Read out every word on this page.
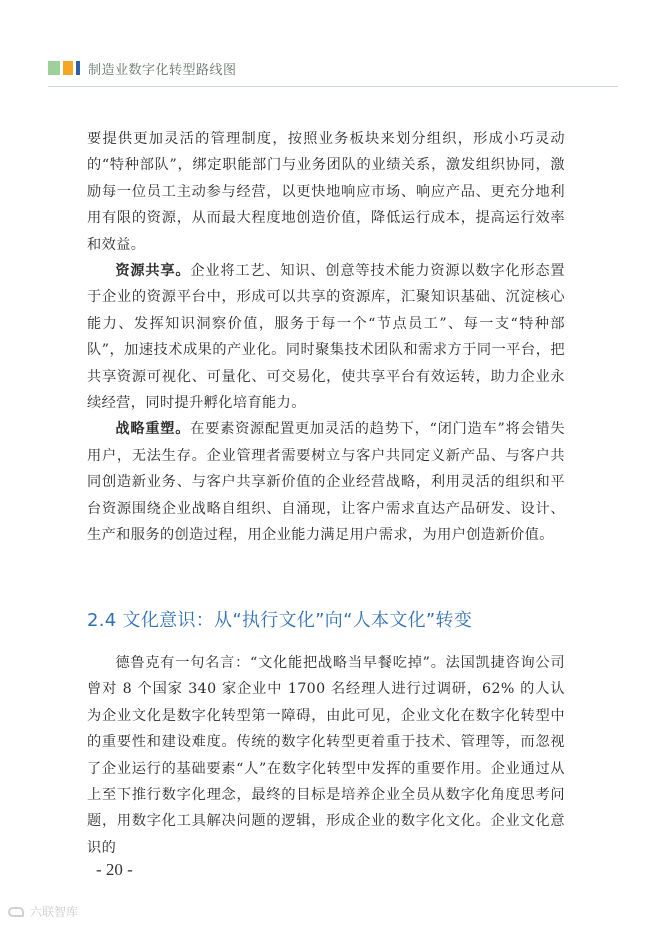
制造业数字化转型路线图

要提供更加灵活的管理制度，按照业务板块来划分组织，形成小巧灵动的“特种部队”，绑定职能部门与业务团队的业绩关系，激发组织协同，激励每一位员工主动参与经营，以更快地响应市场、响应产品、更充分地利用有限的资源，从而最大程度地创造价值，降低运行成本，提高运行效率和效益。

资源共享。企业将工艺、知识、创意等技术能力资源以数字化形态置于企业的资源平台中，形成可以共享的资源库，汇聚知识基础、沉淀核心能力、发挥知识洞察价值，服务于每一个“节点员工”、每一支“特种部队”，加速技术成果的产业化。同时聚集技术团队和需求方于同一平台，把共享资源可视化、可量化、可交易化，使共享平台有效运转，助力企业永续经营，同时提升孵化培育能力。

战略重塑。在要素资源配置更加灵活的趋势下，“闭门造车”将会错失用户，无法生存。企业管理者需要树立与客户共同定义新产品、与客户共同创造新业务、与客户共享新价值的企业经营战略，利用灵活的组织和平台资源围绕企业战略自组织、自涌现，让客户需求直达产品研发、设计、生产和服务的创造过程，用企业能力满足用户需求，为用户创造新价值。

2.4 文化意识：从“执行文化”向“人本文化”转变

德鲁克有一句名言：“文化能把战略当早餐吃掉”。法国凯捷咨询公司曾对 8 个国家 340 家企业中 1700 名经理人进行过调研，62% 的人认为企业文化是数字化转型第一障碍，由此可见，企业文化在数字化转型中的重要性和建设难度。传统的数字化转型更着重于技术、管理等，而忽视了企业运行的基础要素“人”在数字化转型中发挥的重要作用。企业通过从上至下推行数字化理念，最终的目标是培养企业全员从数字化角度思考问题，用数字化工具解决问题的逻辑，形成企业的数字化文化。企业文化意识的

- 20 -
六联智库
